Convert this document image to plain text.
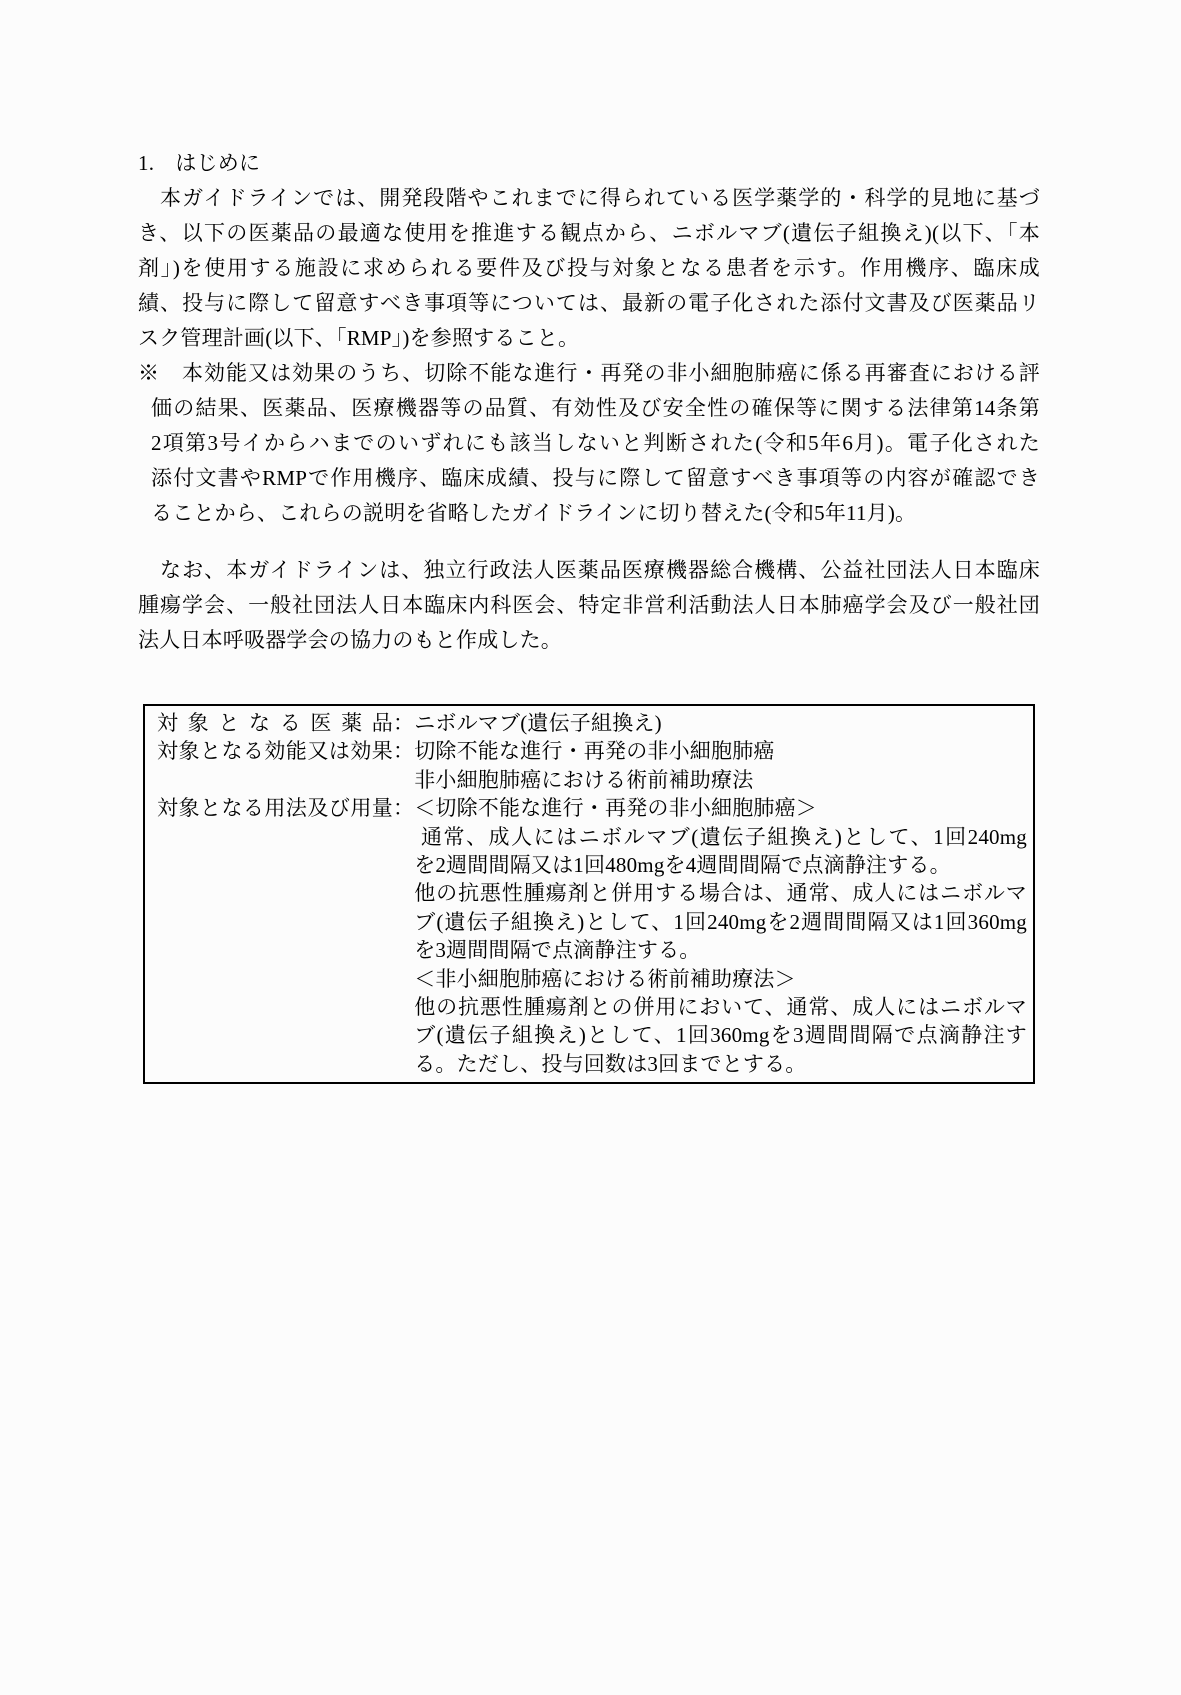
1.　はじめに
　本ガイドラインでは、開発段階やこれまでに得られている医学薬学的・科学的見地に基づ
き、以下の医薬品の最適な使用を推進する観点から、ニボルマブ(遺伝子組換え)(以下、「本
剤」)を使用する施設に求められる要件及び投与対象となる患者を示す。作用機序、臨床成
績、投与に際して留意すべき事項等については、最新の電子化された添付文書及び医薬品リ
スク管理計画(以下、「RMP」)を参照すること。
※　本効能又は効果のうち、切除不能な進行・再発の非小細胞肺癌に係る再審査における評
価の結果、医薬品、医療機器等の品質、有効性及び安全性の確保等に関する法律第14条第
2項第3号イからハまでのいずれにも該当しないと判断された(令和5年6月)。電子化された
添付文書やRMPで作用機序、臨床成績、投与に際して留意すべき事項等の内容が確認でき
ることから、これらの説明を省略したガイドラインに切り替えた(令和5年11月)。
　なお、本ガイドラインは、独立行政法人医薬品医療機器総合機構、公益社団法人日本臨床
腫瘍学会、一般社団法人日本臨床内科医会、特定非営利活動法人日本肺癌学会及び一般社団
法人日本呼吸器学会の協力のもと作成した。
対象となる医薬品 ： ニボルマブ(遺伝子組換え)
対象となる効能又は効果 ： 切除不能な進行・再発の非小細胞肺癌
非小細胞肺癌における術前補助療法
対象となる用法及び用量 ： ＜切除不能な進行・再発の非小細胞肺癌＞
通常、成人にはニボルマブ(遺伝子組換え)として、1回240mg
を2週間間隔又は1回480mgを4週間間隔で点滴静注する。
他の抗悪性腫瘍剤と併用する場合は、通常、成人にはニボルマ
ブ(遺伝子組換え)として、1回240mgを2週間間隔又は1回360mg
を3週間間隔で点滴静注する。
＜非小細胞肺癌における術前補助療法＞
他の抗悪性腫瘍剤との併用において、通常、成人にはニボルマ
ブ(遺伝子組換え)として、1回360mgを3週間間隔で点滴静注す
る。ただし、投与回数は3回までとする。
